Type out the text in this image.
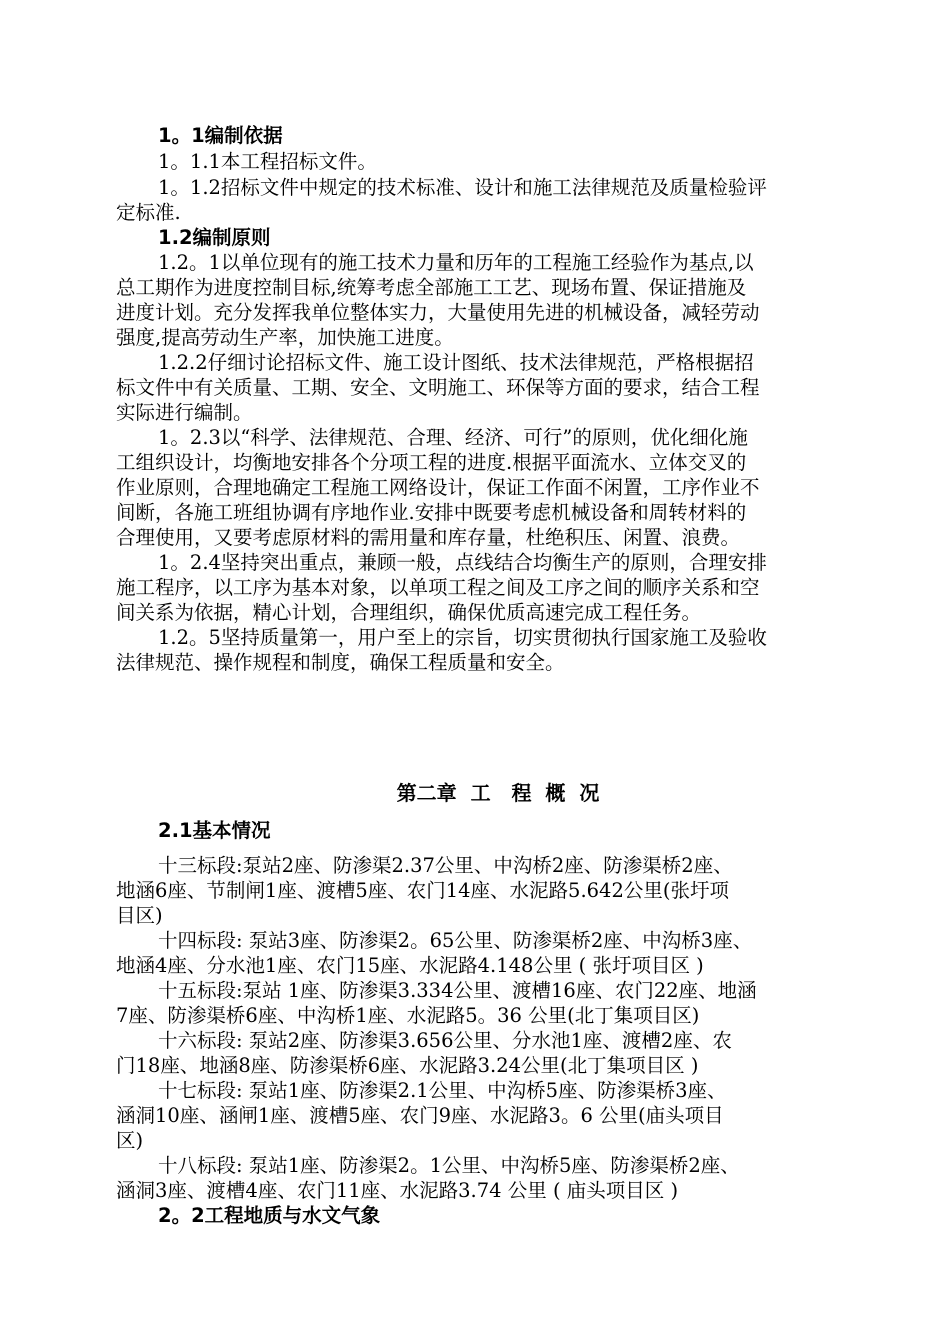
1。1编制依据

1。1.1本工程招标文件。

1。1.2招标文件中规定的技术标准、设计和施工法律规范及质量检验评

定标准.

1.2编制原则

1.2。1以单位现有的施工技术力量和历年的工程施工经验作为基点,以

总工期作为进度控制目标,统筹考虑全部施工工艺、现场布置、保证措施及

进度计划。充分发挥我单位整体实力，大量使用先进的机械设备，减轻劳动

强度,提高劳动生产率，加快施工进度。

1.2.2仔细讨论招标文件、施工设计图纸、技术法律规范，严格根据招

标文件中有关质量、工期、安全、文明施工、环保等方面的要求，结合工程

实际进行编制。

1。2.3以“科学、法律规范、合理、经济、可行”的原则，优化细化施

工组织设计，均衡地安排各个分项工程的进度.根据平面流水、立体交叉的

作业原则，合理地确定工程施工网络设计，保证工作面不闲置，工序作业不

间断，各施工班组协调有序地作业.安排中既要考虑机械设备和周转材料的

合理使用，又要考虑原材料的需用量和库存量，杜绝积压、闲置、浪费。

1。2.4坚持突出重点，兼顾一般，点线结合均衡生产的原则，合理安排

施工程序，以工序为基本对象，以单项工程之间及工序之间的顺序关系和空

间关系为依据，精心计划，合理组织，确保优质高速完成工程任务。

1.2。5坚持质量第一，用户至上的宗旨，切实贯彻执行国家施工及验收

法律规范、操作规程和制度，确保工程质量和安全。

第二章  工   程  概  况

2.1基本情况

十三标段:泵站2座、防渗渠2.37公里、中沟桥2座、防渗渠桥2座、

地涵6座、节制闸1座、渡槽5座、农门14座、水泥路5.642公里(张圩项

目区)

十四标段: 泵站3座、防渗渠2。65公里、防渗渠桥2座、中沟桥3座、

地涵4座、分水池1座、农门15座、水泥路4.148公里 ( 张圩项目区 )

十五标段:泵站 1座、防渗渠3.334公里、渡槽16座、农门22座、地涵

7座、防渗渠桥6座、中沟桥1座、水泥路5。36 公里(北丁集项目区)

十六标段: 泵站2座、防渗渠3.656公里、分水池1座、渡槽2座、农

门18座、地涵8座、防渗渠桥6座、水泥路3.24公里(北丁集项目区 )

十七标段: 泵站1座、防渗渠2.1公里、中沟桥5座、防渗渠桥3座、

涵洞10座、涵闸1座、渡槽5座、农门9座、水泥路3。6 公里(庙头项目

区)

十八标段: 泵站1座、防渗渠2。1公里、中沟桥5座、防渗渠桥2座、

涵洞3座、渡槽4座、农门11座、水泥路3.74 公里 ( 庙头项目区 )

2。2工程地质与水文气象
